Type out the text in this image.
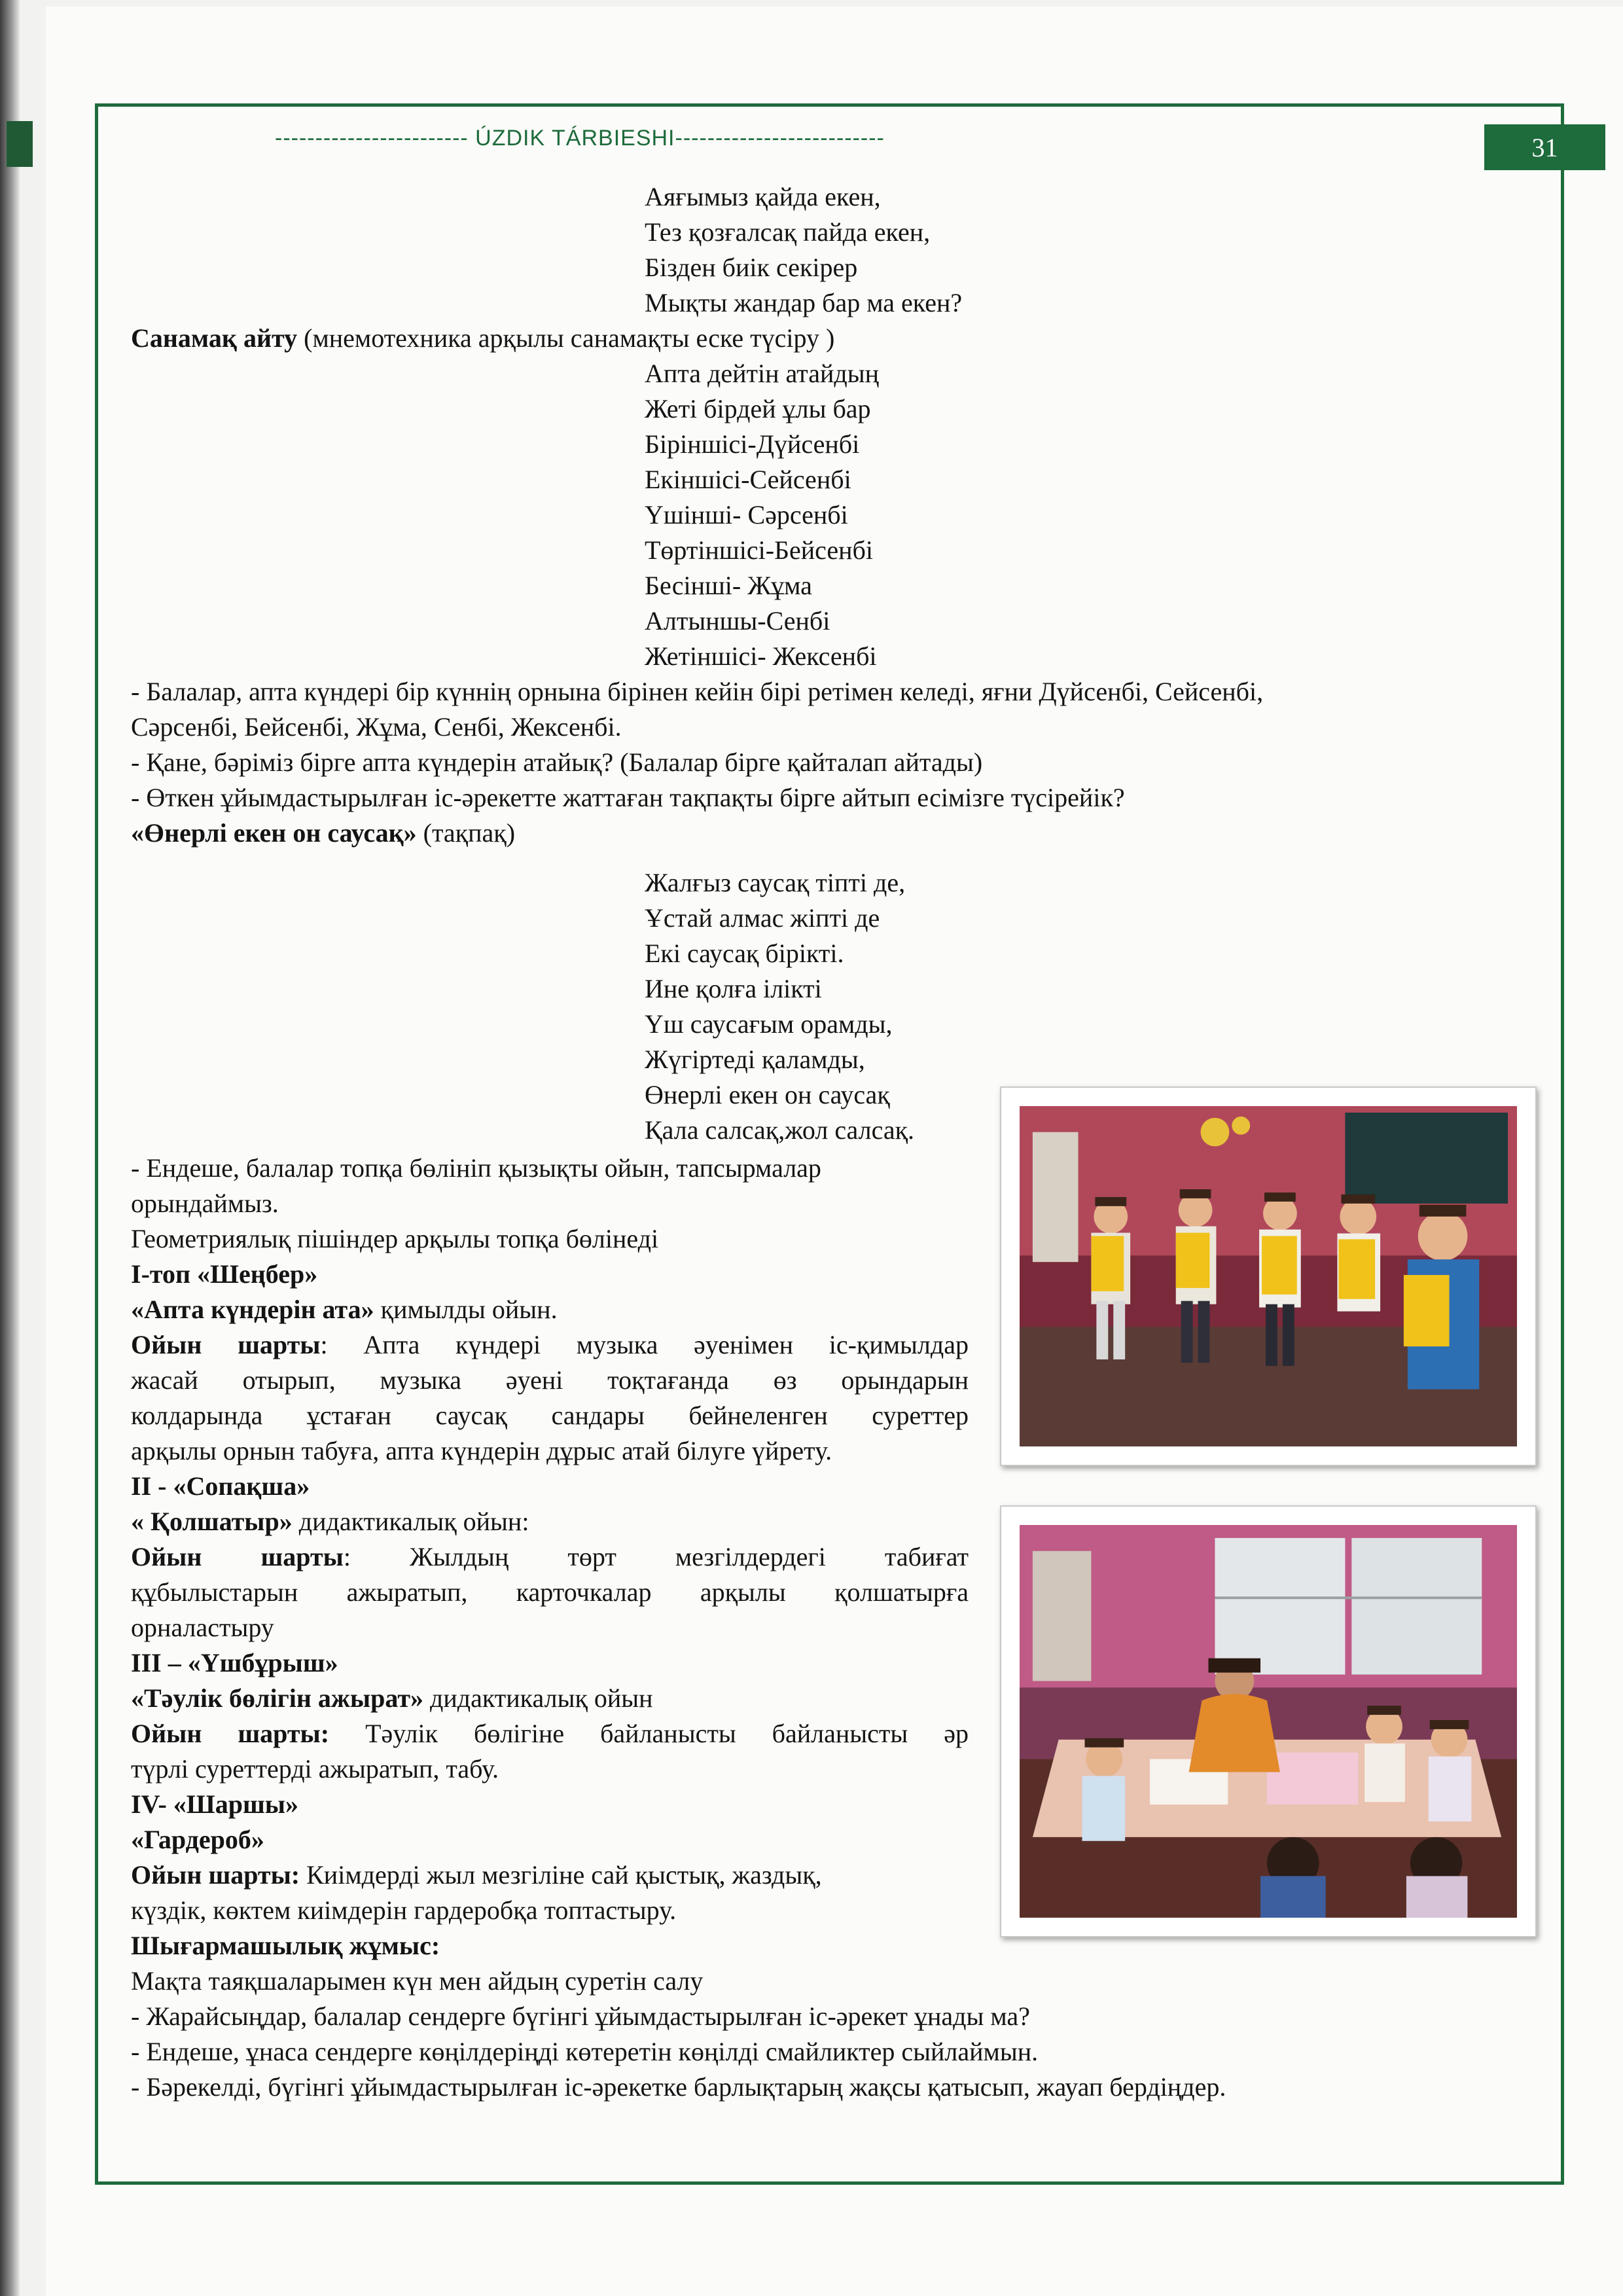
------------------------ ÚZDIK TÁRBIESHI--------------------------	31
Аяғымыз қайда екен,
Тез қозғалсақ пайда екен,
Бізден биік секірер
Мықты жандар бар ма екен?
Санамақ айту (мнемотехника арқылы санамақты еске түсіру )
Апта дейтін атайдың
Жеті бірдей ұлы бар
Біріншісі-Дүйсенбі
Екіншісі-Сейсенбі
Үшінші- Сәрсенбі
Төртіншісі-Бейсенбі
Бесінші- Жұма
Алтыншы-Сенбі
Жетіншісі- Жексенбі
- Балалар, апта күндері бір күннің орнына бірінен кейін бірі ретімен келеді, яғни Дүйсенбі, Сейсенбі,
Сәрсенбі, Бейсенбі, Жұма, Сенбі, Жексенбі.
- Қане, бәріміз бірге апта күндерін атайық? (Балалар бірге қайталап айтады)
- Өткен ұйымдастырылған іс-әрекетте жаттаған тақпақты бірге айтып есімізге түсірейік?
«Өнерлі екен он саусақ» (тақпақ)
Жалғыз саусақ тіпті де,
Ұстай алмас жіпті де
Екі саусақ бірікті.
Ине қолға ілікті
Үш саусағым орамды,
Жүгіртеді қаламды,
Өнерлі екен он саусақ
Қала салсақ,жол салсақ.
- Ендеше, балалар топқа бөлініп қызықты ойын, тапсырмалар
орындаймыз.
Геометриялық пішіндер арқылы топқа бөлінеді
І-топ «Шеңбер»
«Апта күндерін ата» қимылды ойын.
Ойын шарты: Апта күндері музыка әуенімен іс-қимылдар
жасай отырып, музыка әуені тоқтағанда өз орындарын
колдарында ұстаған саусақ сандары бейнеленген суреттер
арқылы орнын табуға, апта күндерін дұрыс атай білуге үйрету.
ІІ - «Сопақша»
« Қолшатыр» дидактикалық ойын:
Ойын шарты: Жылдың төрт мезгілдердегі табиғат
құбылыстарын ажыратып, карточкалар арқылы қолшатырға
орналастыру
ІІІ – «Үшбұрыш»
«Тәулік бөлігін ажырат» дидактикалық ойын
Ойын шарты: Тәулік бөлігіне байланысты байланысты әр
түрлі суреттерді ажыратып, табу.
IV- «Шаршы»
«Гардероб»
Ойын шарты: Киімдерді жыл мезгіліне сай қыстық, жаздық,
күздік, көктем киімдерін гардеробқа топтастыру.
Шығармашылық жұмыс:
Мақта таяқшаларымен күн мен айдың суретін салу
- Жарайсыңдар, балалар сендерге бүгінгі ұйымдастырылған іс-әрекет ұнады ма?
- Ендеше, ұнаса сендерге көңілдеріңді көтеретін көңілді смайликтер сыйлаймын.
- Бәрекелді, бүгінгі ұйымдастырылған іс-әрекетке барлықтарың жақсы қатысып, жауап бердіңдер.
